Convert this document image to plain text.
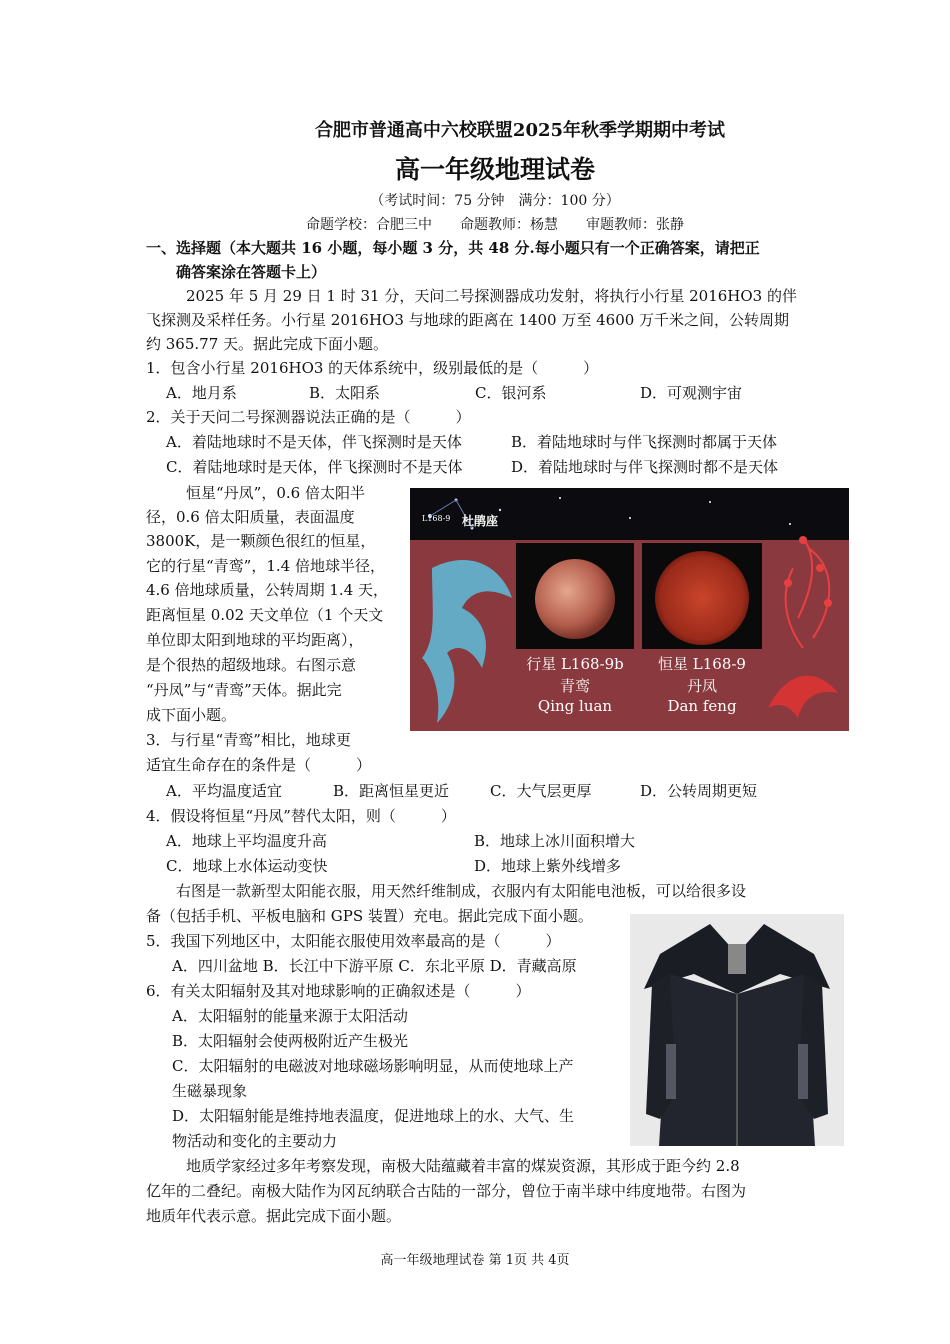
合肥市普通高中六校联盟2025年秋季学期期中考试
高一年级地理试卷
（考试时间：75 分钟　满分：100 分）
命题学校：合肥三中　　命题教师：杨慧　　审题教师：张静
一、选择题（本大题共 16 小题，每小题 3 分，共 48 分.每小题只有一个正确答案，请把正
确答案涂在答题卡上）
2025 年 5 月 29 日 1 时 31 分，天问二号探测器成功发射，将执行小行星 2016HO3 的伴
飞探测及采样任务。小行星 2016HO3 与地球的距离在 1400 万至 4600 万千米之间，公转周期
约 365.77 天。据此完成下面小题。
1．包含小行星 2016HO3 的天体系统中，级别最低的是（　　　）
A．地月系	B．太阳系	C．银河系	D．可观测宇宙
2．关于天问二号探测器说法正确的是（　　　）
A．着陆地球时不是天体，伴飞探测时是天体	B．着陆地球时与伴飞探测时都属于天体
C．着陆地球时是天体，伴飞探测时不是天体	D．着陆地球时与伴飞探测时都不是天体
恒星“丹凤”，0.6 倍太阳半
径，0.6 倍太阳质量，表面温度
3800K，是一颗颜色很红的恒星，
它的行星“青鸾”，1.4 倍地球半径，
4.6 倍地球质量，公转周期 1.4 天，
距离恒星 0.02 天文单位（1 个天文
单位即太阳到地球的平均距离），
是个很热的超级地球。右图示意
“丹凤”与“青鸾”天体。据此完
成下面小题。
L168-9 杜鹃座
行星 L168-9b
青鸾
Qing luan
恒星 L168-9
丹凤
Dan feng
3．与行星“青鸾”相比，地球更
适宜生命存在的条件是（　　　）
A．平均温度适宜	B．距离恒星更近	C．大气层更厚	D．公转周期更短
4．假设将恒星“丹凤”替代太阳，则（　　　）
A．地球上平均温度升高	B．地球上冰川面积增大
C．地球上水体运动变快	D．地球上紫外线增多
右图是一款新型太阳能衣服，用天然纤维制成，衣服内有太阳能电池板，可以给很多设
备（包括手机、平板电脑和 GPS 装置）充电。据此完成下面小题。
5．我国下列地区中，太阳能衣服使用效率最高的是（　　　）
A．四川盆地 B．长江中下游平原 C．东北平原 D．青藏高原
6．有关太阳辐射及其对地球影响的正确叙述是（　　　）
A．太阳辐射的能量来源于太阳活动
B．太阳辐射会使两极附近产生极光
C．太阳辐射的电磁波对地球磁场影响明显，从而使地球上产
生磁暴现象
D．太阳辐射能是维持地表温度，促进地球上的水、大气、生
物活动和变化的主要动力
地质学家经过多年考察发现，南极大陆蕴藏着丰富的煤炭资源，其形成于距今约 2.8
亿年的二叠纪。南极大陆作为冈瓦纳联合古陆的一部分，曾位于南半球中纬度地带。右图为
地质年代表示意。据此完成下面小题。
高一年级地理试卷 第 1页 共 4页
